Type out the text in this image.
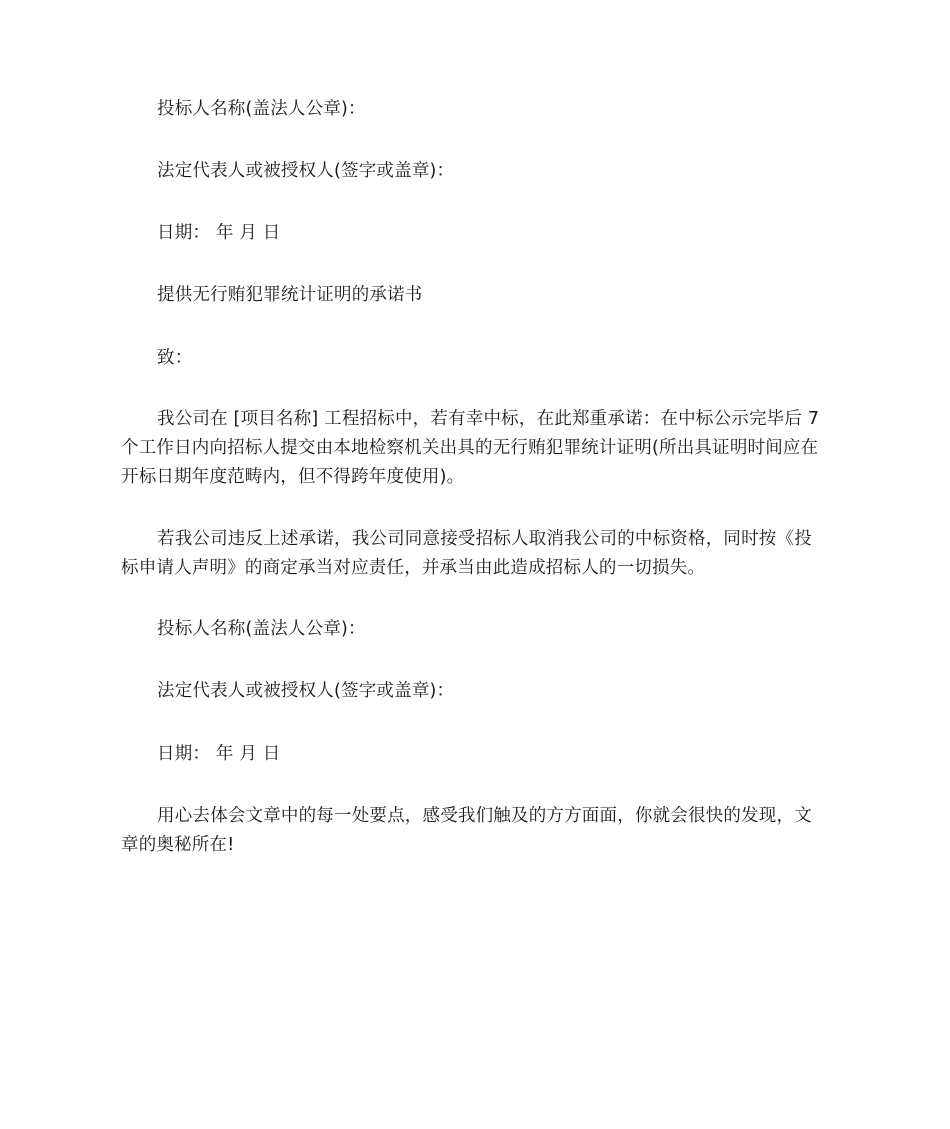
投标人名称(盖法人公章)：

法定代表人或被授权人(签字或盖章)：

日期： 年 月 日

提供无行贿犯罪统计证明的承诺书

致：

我公司在 [项目名称] 工程招标中，若有幸中标，在此郑重承诺：在中标公示完毕后 7 个工作日内向招标人提交由本地检察机关出具的无行贿犯罪统计证明(所出具证明时间应在开标日期年度范畴内，但不得跨年度使用)。

若我公司违反上述承诺，我公司同意接受招标人取消我公司的中标资格，同时按《投标申请人声明》的商定承当对应责任，并承当由此造成招标人的一切损失。

投标人名称(盖法人公章)：

法定代表人或被授权人(签字或盖章)：

日期： 年 月 日

用心去体会文章中的每一处要点，感受我们触及的方方面面，你就会很快的发现，文章的奥秘所在!
